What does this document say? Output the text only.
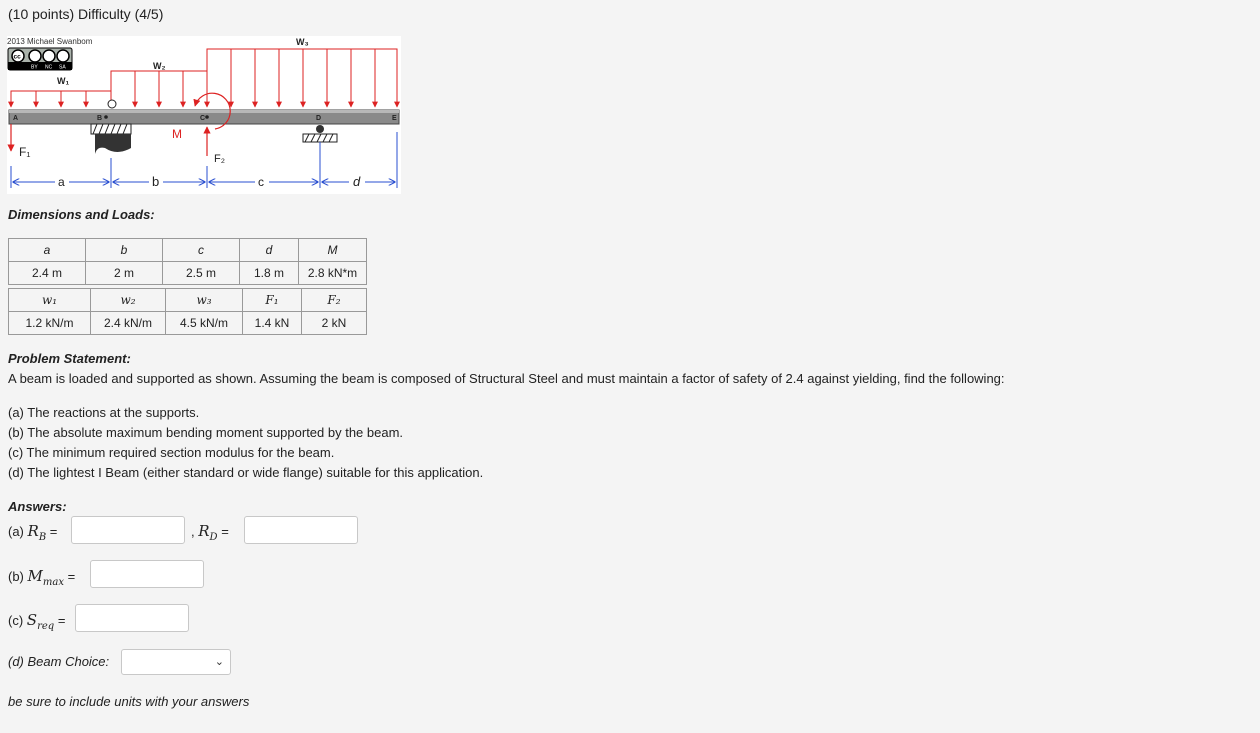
(10 points) Difficulty (4/5)
2013 Michael Swanbom
cc
BY NC SA
W₁
W₂
W₃
A	B	C	D	E
F₁	F₂
M
a	b	c	d
Dimensions and Loads:
a	b	c	d	M
2.4 m	2 m	2.5 m	1.8 m	2.8 kN*m
w₁	w₂	w₃	F₁	F₂
1.2 kN/m	2.4 kN/m	4.5 kN/m	1.4 kN	2 kN
Problem Statement:
A beam is loaded and supported as shown. Assuming the beam is composed of Structural Steel and must maintain a factor of safety of 2.4 against yielding, find the following:
(a) The reactions at the supports.
(b) The absolute maximum bending moment supported by the beam.
(c) The minimum required section modulus for the beam.
(d) The lightest I Beam (either standard or wide flange) suitable for this application.
Answers:
(a) $R_B$ =	, $R_D$ =
(b) $M_{max}$ =
(c) $S_{req}$ =
(d) Beam Choice:	⌄
be sure to include units with your answers
